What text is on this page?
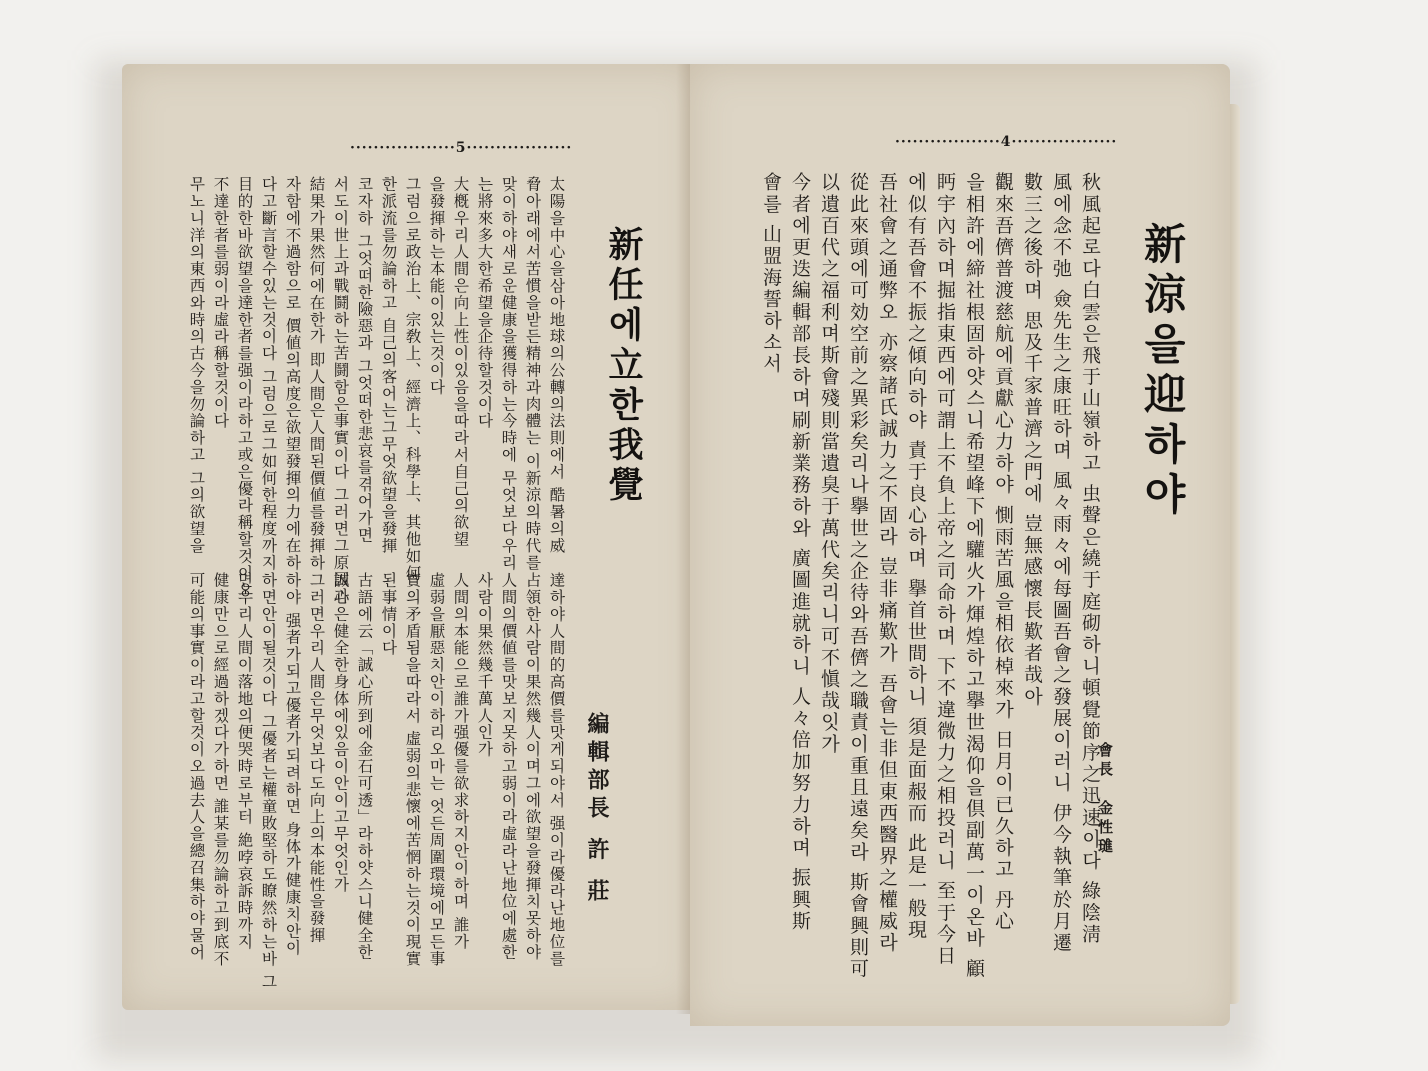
··················5··················
新任에立한我覺
編輯部長 許 莊
太陽을中心을삼아地球의公轉의法則에서 酷暑의威
脅아래에서苦慣을받든精神과肉體는 이新涼의時代를
맞이하야새로운健康을獲得하는今時에 무엇보다우리
는將來多大한希望을企待할것이다
大槪우리人間은向上性이있음을따라서自己의欲望
을發揮하는本能이있는것이다
그럼으로政治上、宗敎上、經濟上、科學上、其他如何
한派流를勿論하고 自己의客어는그무엇欲望을發揮
코자하 그엇떠한險惡과 그엇떠한悲哀를겪어가면
서도이世上과戰鬪하는苦鬪함은事實이다 그러면그原因과
結果가果然何에在한가 即人間은人間된價値를發揮하
자함에不過함으로 價値의高度은欲望發揮의力에在하
다고斷言할수있는것이다 그럼으로그如何한程度까지
目的한바欲望을達한者를强이라하고或은優라稱할것이오
不達한者를弱이라虛라稱할것이다
무노니洋의東西와時의古今을勿論하고 그의欲望을
達하야人間的高價를맛게되야서 强이라優라난地位를
占領한사람이果然幾人이며그에欲望을發揮치못하야
人間의價値를맛보지못하고弱이라虛라난地位에處한
사람이果然幾千萬人인가
人間의本能으로誰가强優를欲求하지안이하며 誰가
虛弱을厭惡치안이하리오마는 엇든周圍環境에모든事
實의矛盾됨을따라서 虛弱의悲懷에苦惘하는것이現實
된事情이다
古語에云「誠心所到에金石可透」라하얏스니健全한
誠心은健全한身体에있음이안이고무엇인가
그러면우리人間은무엇보다도向上의本能性을發揮
하야 强者가되고優者가되려하면 身体가健康치안이
하면안이될것이다 그優者는權童敗堅하도瞭然하는바 그
면우리人間이落地의便哭時로부터 絶哱哀訴時까지
健康만으로經過하겠다가하면 誰某를勿論하고到底不
可能의事實이라고할것이오過去人을總召集하야물어
··················4··················
新涼을迎하야
會長
金性璡
秋風起로다白雲은飛于山嶺하고 虫聲은繞于庭砌하니頓覺節序之迅速이다 綠陰淸
風에念不弛 僉先生之康旺하며 風々雨々에每圖吾會之發展이러니 伊今執筆於月遷
數三之後하며 思及千家普濟之門에 豈無感懷長歎者哉아
觀來吾儕普渡慈航에貢獻心力하야 惻雨苦風을相依棹來가 日月이已久하고 丹心
을相許에締社根固하얏스니希望峰下에驩火가煇煌하고擧世渴仰을倶副萬一이온바 顧
眄宇內하며掘指東西에可謂上不負上帝之司命하며 下不違微力之相投러니 至于今日
에似有吾會不振之傾向하야 責于良心하며 擧首世間하니 須是面赧而 此是一般現
吾社會之通弊오 亦察諸氏誠力之不固라 豈非痛歎가 吾會는非但東西醫界之權威라
從此來頭에可効空前之異彩矣리나擧世之企待와吾儕之職責이重且遠矣라 斯會興則可
以遺百代之福利며斯會殘則當遺臭于萬代矣리니可不愼哉잇가
今者에更迭編輯部長하며刷新業務하와 廣圖進就하니 人々倍加努力하며 振興斯
會를 山盟海誓하소서
